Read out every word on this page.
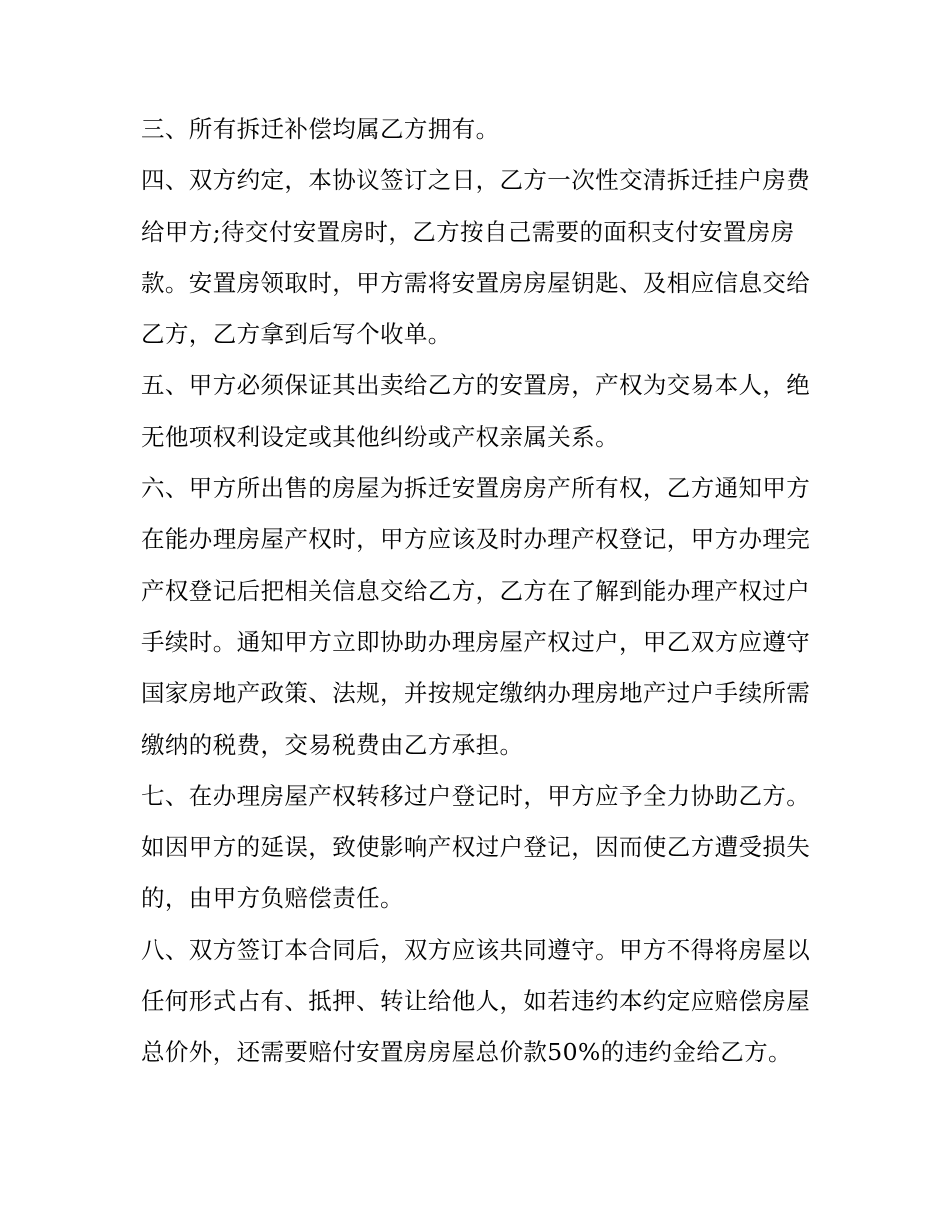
三、所有拆迁补偿均属乙方拥有。

四、双方约定，本协议签订之日，乙方一次性交清拆迁挂户房费给甲方;待交付安置房时，乙方按自己需要的面积支付安置房房款。安置房领取时，甲方需将安置房房屋钥匙、及相应信息交给乙方，乙方拿到后写个收单。

五、甲方必须保证其出卖给乙方的安置房，产权为交易本人，绝无他项权利设定或其他纠纷或产权亲属关系。

六、甲方所出售的房屋为拆迁安置房房产所有权，乙方通知甲方在能办理房屋产权时，甲方应该及时办理产权登记，甲方办理完产权登记后把相关信息交给乙方，乙方在了解到能办理产权过户手续时。通知甲方立即协助办理房屋产权过户，甲乙双方应遵守国家房地产政策、法规，并按规定缴纳办理房地产过户手续所需缴纳的税费，交易税费由乙方承担。

七、在办理房屋产权转移过户登记时，甲方应予全力协助乙方。如因甲方的延误，致使影响产权过户登记，因而使乙方遭受损失的，由甲方负赔偿责任。

八、双方签订本合同后，双方应该共同遵守。甲方不得将房屋以任何形式占有、抵押、转让给他人，如若违约本约定应赔偿房屋总价外，还需要赔付安置房房屋总价款50%的违约金给乙方。
